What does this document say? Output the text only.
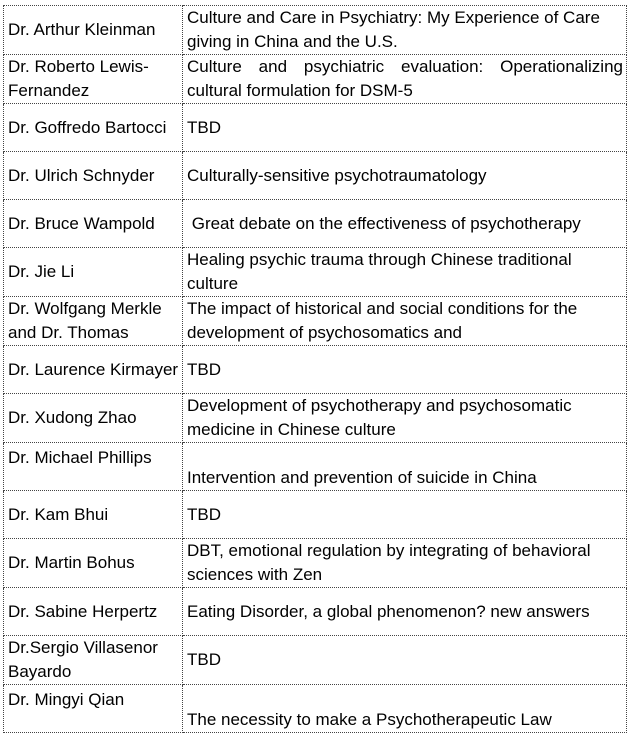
Dr. Arthur Kleinman	Culture and Care in Psychiatry: My Experience of Care giving in China and the U.S.
Dr. Roberto Lewis-Fernandez	Culture and psychiatric evaluation: Operationalizing cultural formulation for DSM-5
Dr. Goffredo Bartocci	TBD
Dr. Ulrich Schnyder	Culturally-sensitive psychotraumatology
Dr. Bruce Wampold	Great debate on the effectiveness of psychotherapy
Dr. Jie Li	Healing psychic trauma through Chinese traditional culture
Dr. Wolfgang Merkle and Dr. Thomas	The impact of historical and social conditions for the development of psychosomatics and
Dr. Laurence Kirmayer	TBD
Dr. Xudong Zhao	Development of psychotherapy and psychosomatic medicine in Chinese culture
Dr. Michael Phillips	Intervention and prevention of suicide in China
Dr. Kam Bhui	TBD
Dr. Martin Bohus	DBT, emotional regulation by integrating of behavioral sciences with Zen
Dr. Sabine Herpertz	Eating Disorder, a global phenomenon? new answers
Dr.Sergio Villasenor Bayardo	TBD
Dr. Mingyi Qian	The necessity to make a Psychotherapeutic Law
